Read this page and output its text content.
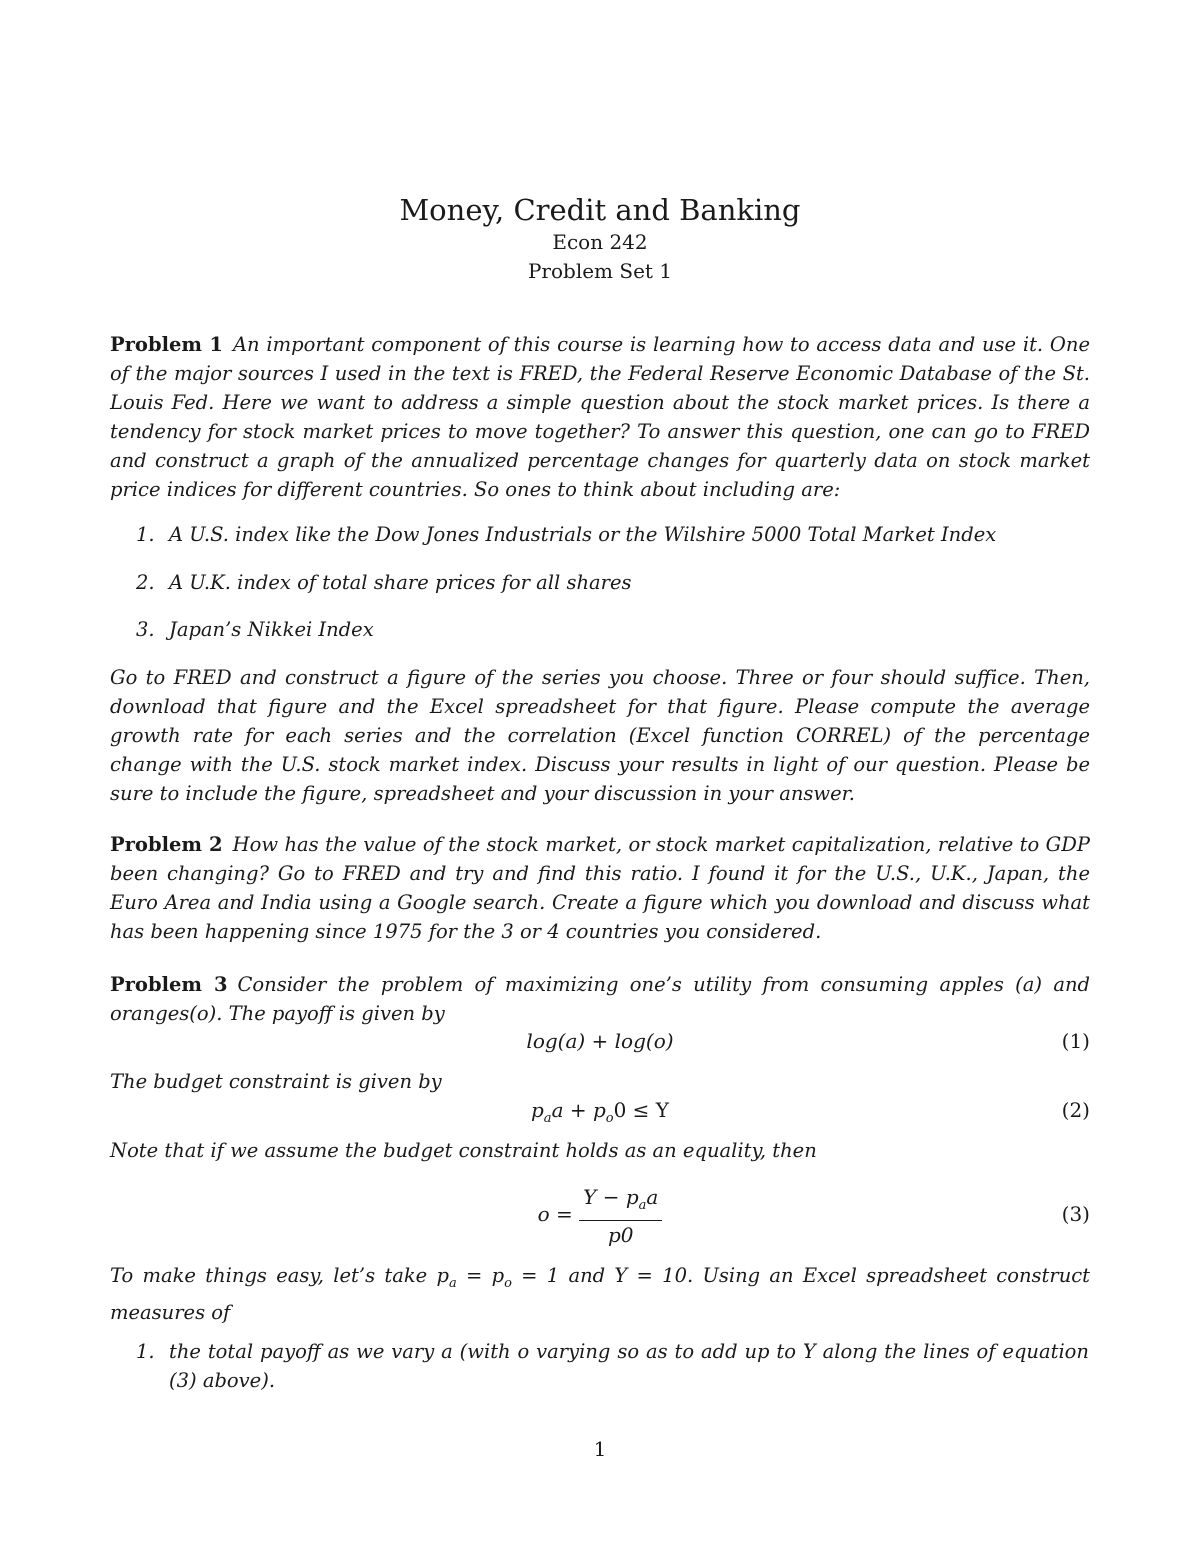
Money, Credit and Banking

Econ 242

Problem Set 1

Problem 1 An important component of this course is learning how to access data and use it. One of the major sources I used in the text is FRED, the Federal Reserve Economic Database of the St. Louis Fed. Here we want to address a simple question about the stock market prices. Is there a tendency for stock market prices to move together? To answer this question, one can go to FRED and construct a graph of the annualized percentage changes for quarterly data on stock market price indices for different countries. So ones to think about including are:

1. A U.S. index like the Dow Jones Industrials or the Wilshire 5000 Total Market Index

2. A U.K. index of total share prices for all shares

3. Japan’s Nikkei Index

Go to FRED and construct a figure of the series you choose. Three or four should suffice. Then, download that figure and the Excel spreadsheet for that figure. Please compute the average growth rate for each series and the correlation (Excel function CORREL) of the percentage change with the U.S. stock market index. Discuss your results in light of our question. Please be sure to include the figure, spreadsheet and your discussion in your answer.

Problem 2 How has the value of the stock market, or stock market capitalization, relative to GDP been changing? Go to FRED and try and find this ratio. I found it for the U.S., U.K., Japan, the Euro Area and India using a Google search. Create a figure which you download and discuss what has been happening since 1975 for the 3 or 4 countries you considered.

Problem 3 Consider the problem of maximizing one’s utility from consuming apples (a) and oranges(o). The payoff is given by

log(a) + log(o)	(1)

The budget constraint is given by

$p_aa + p_o0 \le Y$	(2)

Note that if we assume the budget constraint holds as an equality, then

$o = \frac{Y - p_aa}{p0}$	(3)

To make things easy, let’s take $p_a = p_o = 1$ and Y = 10. Using an Excel spreadsheet construct measures of

1. the total payoff as we vary a (with o varying so as to add up to Y along the lines of equation (3) above).

1
